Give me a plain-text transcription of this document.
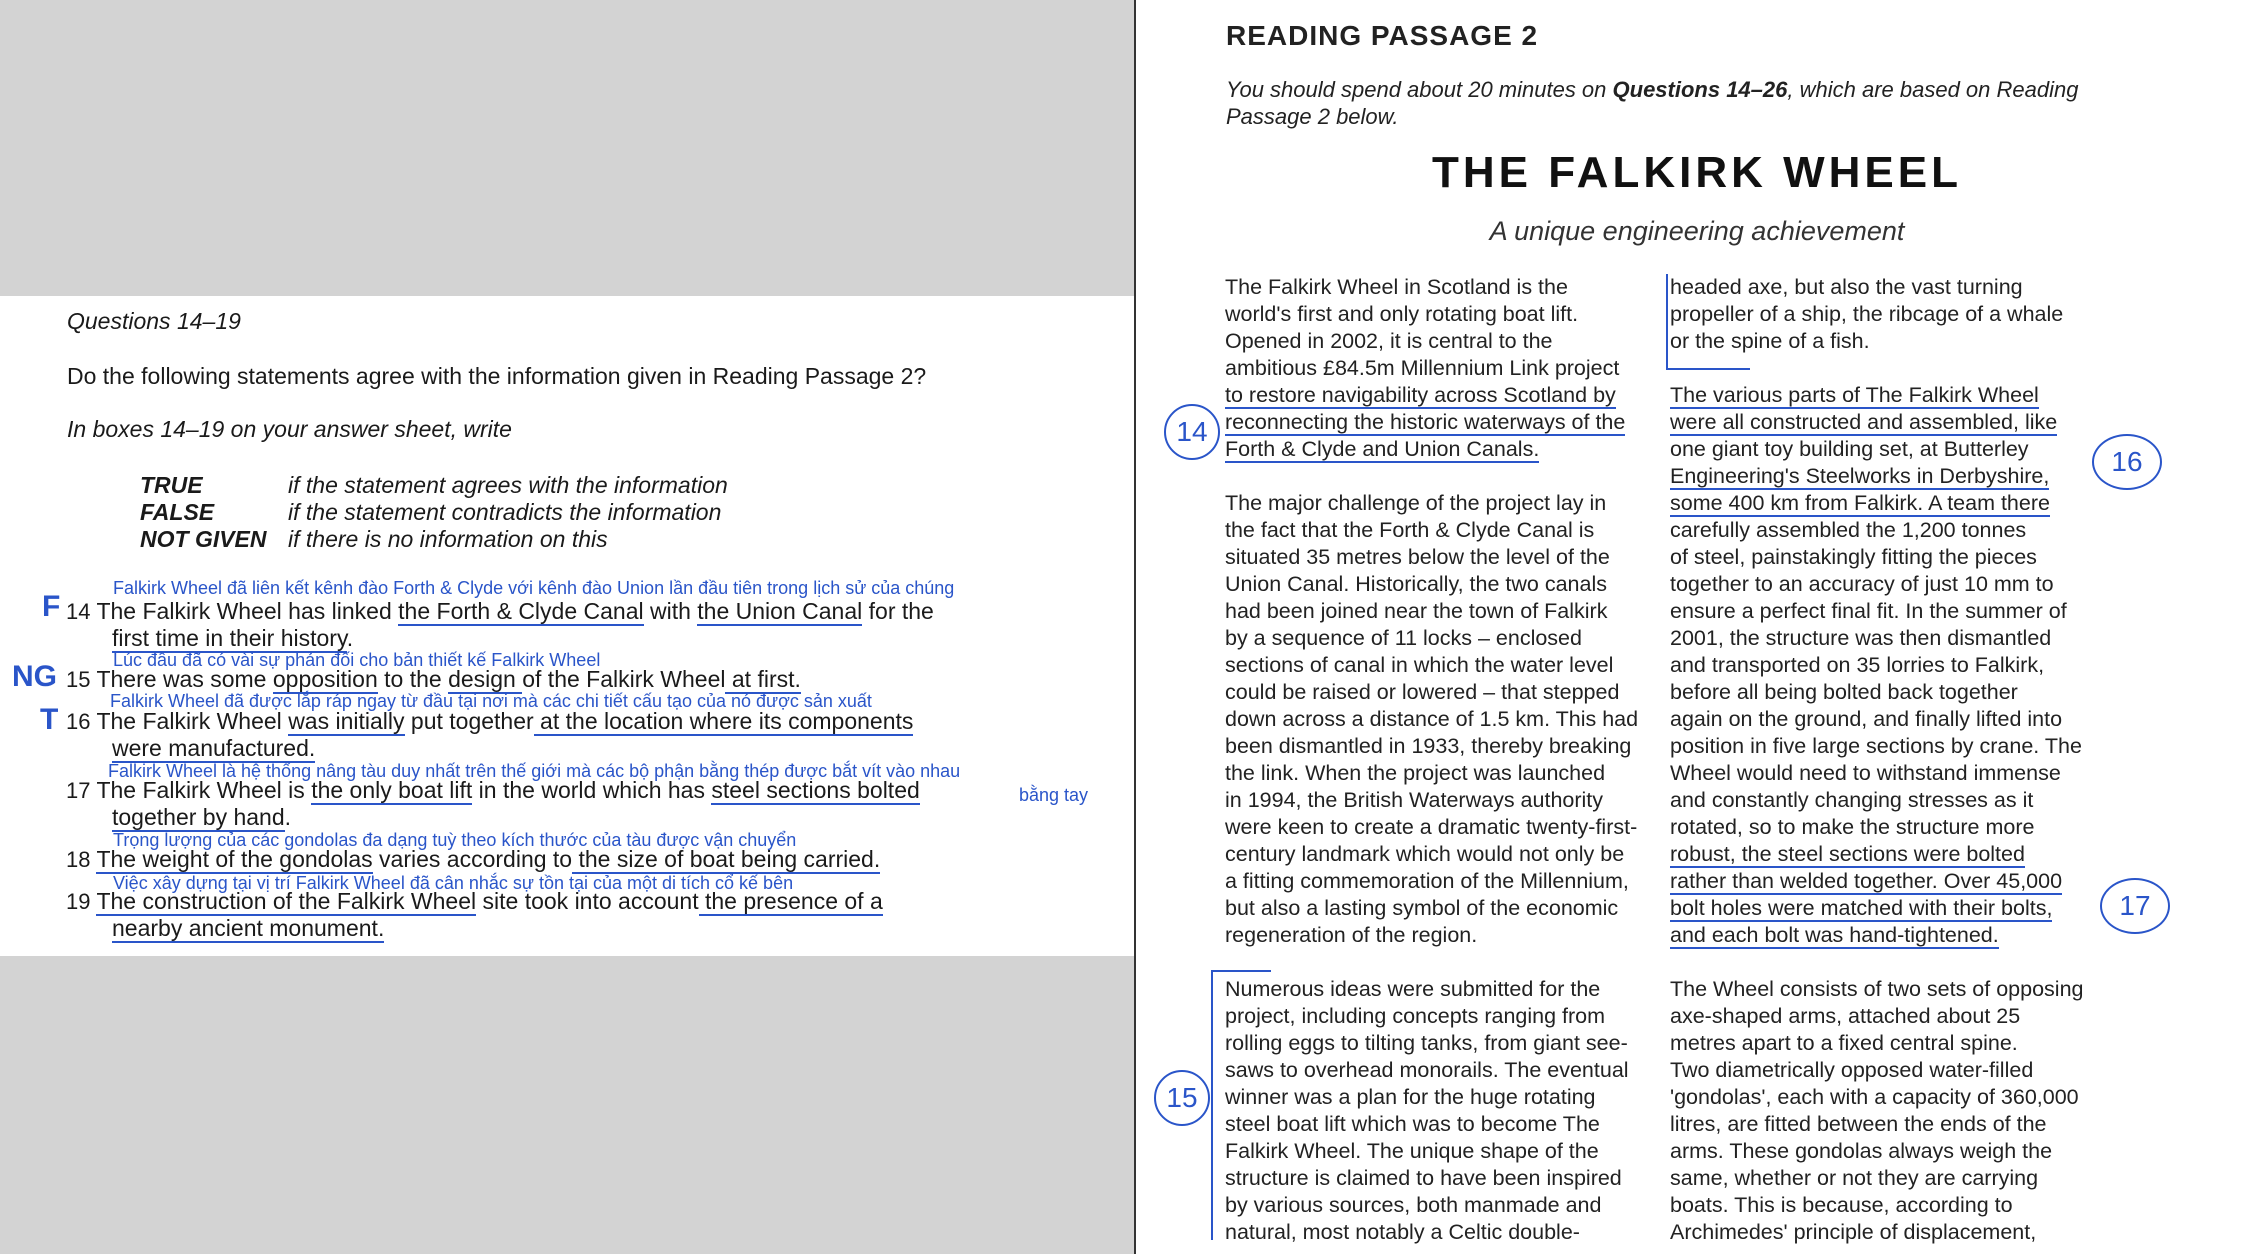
Questions 14–19
Do the following statements agree with the information given in Reading Passage 2?
In boxes 14–19 on your answer sheet, write
TRUE	if the statement agrees with the information
FALSE	if the statement contradicts the information
NOT GIVEN if there is no information on this
Falkirk Wheel đã liên kết kênh đào Forth & Clyde với kênh đào Union lần đầu tiên trong lịch sử của chúng
F 14 The Falkirk Wheel has linked the Forth & Clyde Canal with the Union Canal for the
first time in their history.
Lúc đầu đã có vài sự phản đối cho bản thiết kế Falkirk Wheel
NG 15 There was some opposition to the design of the Falkirk Wheel at first.
Falkirk Wheel đã được lắp ráp ngay từ đầu tại nơi mà các chi tiết cấu tạo của nó được sản xuất
T 16 The Falkirk Wheel was initially put together at the location where its components
were manufactured.
Falkirk Wheel là hệ thống nâng tàu duy nhất trên thế giới mà các bộ phận bằng thép được bắt vít vào nhau
bằng tay
17 The Falkirk Wheel is the only boat lift in the world which has steel sections bolted
together by hand.
Trọng lượng của các gondolas đa dạng tuỳ theo kích thước của tàu được vận chuyển
18 The weight of the gondolas varies according to the size of boat being carried.
Việc xây dựng tại vị trí Falkirk Wheel đã cân nhắc sự tồn tại của một di tích cổ kế bên
19 The construction of the Falkirk Wheel site took into account the presence of a
nearby ancient monument.
READING PASSAGE 2
You should spend about 20 minutes on Questions 14–26, which are based on Reading
Passage 2 below.
THE FALKIRK WHEEL
A unique engineering achievement

The Falkirk Wheel in Scotland is the
world's first and only rotating boat lift.
Opened in 2002, it is central to the
ambitious £84.5m Millennium Link project
to restore navigability across Scotland by
reconnecting the historic waterways of the
Forth & Clyde and Union Canals.

The major challenge of the project lay in
the fact that the Forth & Clyde Canal is
situated 35 metres below the level of the
Union Canal. Historically, the two canals
had been joined near the town of Falkirk
by a sequence of 11 locks – enclosed
sections of canal in which the water level
could be raised or lowered – that stepped
down across a distance of 1.5 km. This had
been dismantled in 1933, thereby breaking
the link. When the project was launched
in 1994, the British Waterways authority
were keen to create a dramatic twenty-first-
century landmark which would not only be
a fitting commemoration of the Millennium,
but also a lasting symbol of the economic
regeneration of the region.

Numerous ideas were submitted for the
project, including concepts ranging from
rolling eggs to tilting tanks, from giant see-
saws to overhead monorails. The eventual
winner was a plan for the huge rotating
steel boat lift which was to become The
Falkirk Wheel. The unique shape of the
structure is claimed to have been inspired
by various sources, both manmade and
natural, most notably a Celtic double-

headed axe, but also the vast turning
propeller of a ship, the ribcage of a whale
or the spine of a fish.

The various parts of The Falkirk Wheel
were all constructed and assembled, like
one giant toy building set, at Butterley
Engineering's Steelworks in Derbyshire,
some 400 km from Falkirk. A team there
carefully assembled the 1,200 tonnes
of steel, painstakingly fitting the pieces
together to an accuracy of just 10 mm to
ensure a perfect final fit. In the summer of
2001, the structure was then dismantled
and transported on 35 lorries to Falkirk,
before all being bolted back together
again on the ground, and finally lifted into
position in five large sections by crane. The
Wheel would need to withstand immense
and constantly changing stresses as it
rotated, so to make the structure more
robust, the steel sections were bolted
rather than welded together. Over 45,000
bolt holes were matched with their bolts,
and each bolt was hand-tightened.

The Wheel consists of two sets of opposing
axe-shaped arms, attached about 25
metres apart to a fixed central spine.
Two diametrically opposed water-filled
'gondolas', each with a capacity of 360,000
litres, are fitted between the ends of the
arms. These gondolas always weigh the
same, whether or not they are carrying
boats. This is because, according to
Archimedes' principle of displacement,

14
15
16
17
